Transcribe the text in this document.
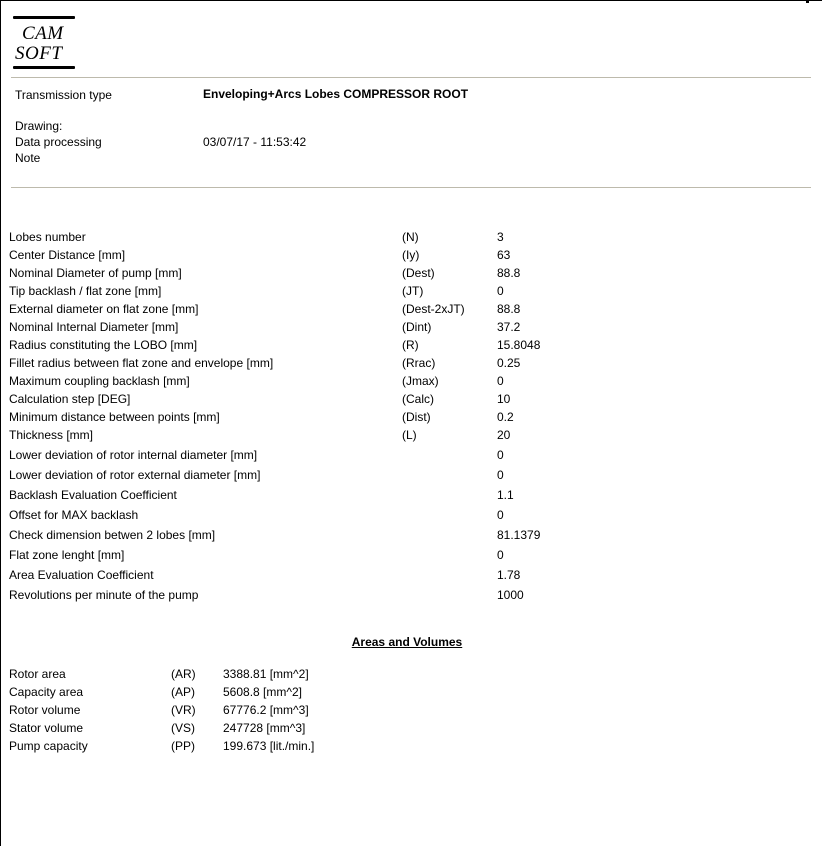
CAM
SOFT
Transmission type	Enveloping+Arcs Lobes COMPRESSOR ROOT
Drawing:
Data processing	03/07/17 - 11:53:42
Note
Lobes number	(N)	3
Center Distance [mm]	(Iy)	63
Nominal Diameter of pump [mm]	(Dest)	88.8
Tip backlash / flat zone [mm]	(JT)	0
External diameter on flat zone [mm]	(Dest-2xJT)	88.8
Nominal Internal Diameter [mm]	(Dint)	37.2
Radius constituting the LOBO [mm]	(R)	15.8048
Fillet radius between flat zone and envelope [mm]	(Rrac)	0.25
Maximum coupling backlash [mm]	(Jmax)	0
Calculation step [DEG]	(Calc)	10
Minimum distance between points [mm]	(Dist)	0.2
Thickness [mm]	(L)	20
Lower deviation of rotor internal diameter [mm]	0
Lower deviation of rotor external diameter [mm]	0
Backlash Evaluation Coefficient	1.1
Offset for MAX backlash	0
Check dimension betwen 2 lobes [mm]	81.1379
Flat zone lenght [mm]	0
Area Evaluation Coefficient	1.78
Revolutions per minute of the pump	1000
Areas and Volumes
Rotor area	(AR) 3388.81 [mm^2]
Capacity area	(AP) 5608.8 [mm^2]
Rotor volume	(VR) 67776.2 [mm^3]
Stator volume	(VS) 247728 [mm^3]
Pump capacity	(PP) 199.673 [lit./min.]
